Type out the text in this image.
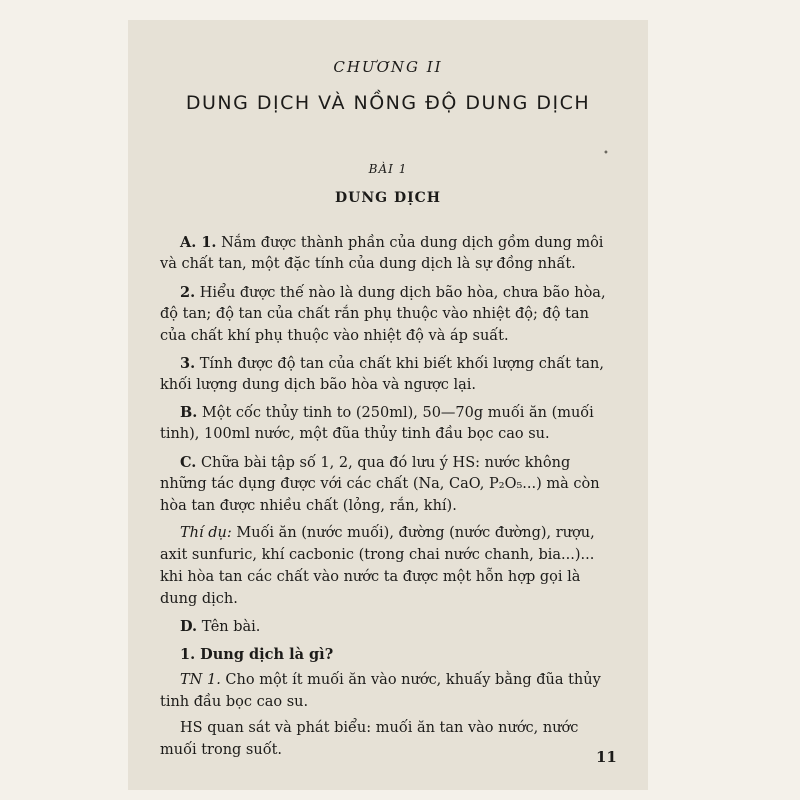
CHƯƠNG II
DUNG DỊCH VÀ NỒNG ĐỘ DUNG DỊCH
•
BÀI 1
DUNG DỊCH
A. 1. Nắm được thành phần của dung dịch gồm dung môi
và chất tan, một đặc tính của dung dịch là sự đồng nhất.
2. Hiểu được thế nào là dung dịch bão hòa, chưa bão hòa,
độ tan; độ tan của chất rắn phụ thuộc vào nhiệt độ; độ tan
của chất khí phụ thuộc vào nhiệt độ và áp suất.
3. Tính được độ tan của chất khi biết khối lượng chất tan,
khối lượng dung dịch bão hòa và ngược lại.
B. Một cốc thủy tinh to (250ml), 50—70g muối ăn (muối
tinh), 100ml nước, một đũa thủy tinh đầu bọc cao su.
C. Chữa bài tập số 1, 2, qua đó lưu ý HS: nước không
những tác dụng được với các chất (Na, CaO, P₂O₅...) mà còn
hòa tan được nhiều chất (lỏng, rắn, khí).
Thí dụ: Muối ăn (nước muối), đường (nước đường), rượu,
axit sunfuric, khí cacbonic (trong chai nước chanh, bia...)...
khi hòa tan các chất vào nước ta được một hỗn hợp gọi là
dung dịch.
D. Tên bài.
1. Dung dịch là gì?
TN 1. Cho một ít muối ăn vào nước, khuấy bằng đũa thủy
tinh đầu bọc cao su.
HS quan sát và phát biểu: muối ăn tan vào nước, nước
muối trong suốt.	11
